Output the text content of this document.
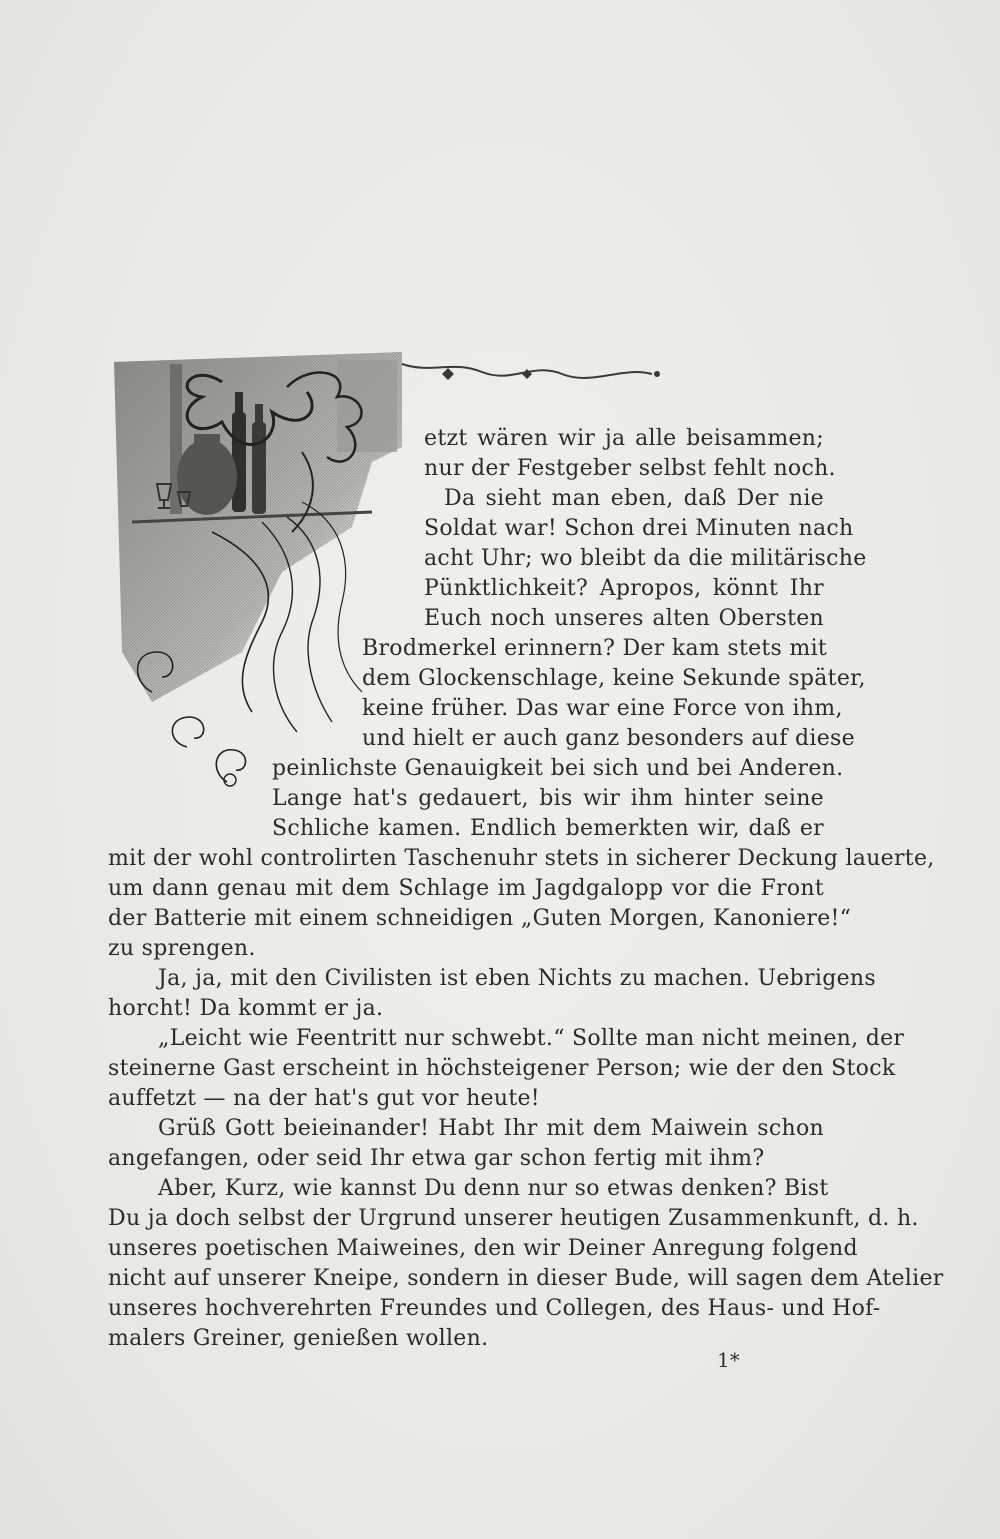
etzt wären wir ja alle beisammen;
nur der Festgeber selbst fehlt noch.
Da sieht man eben, daß Der nie
Soldat war! Schon drei Minuten nach
acht Uhr; wo bleibt da die militärische
Pünktlichkeit? Apropos, könnt Ihr
Euch noch unseres alten Obersten
Brodmerkel erinnern? Der kam stets mit
dem Glockenschlage, keine Sekunde später,
keine früher. Das war eine Force von ihm,
und hielt er auch ganz besonders auf diese
peinlichste Genauigkeit bei sich und bei Anderen.
Lange hat's gedauert, bis wir ihm hinter seine
Schliche kamen. Endlich bemerkten wir, daß er
mit der wohl controlirten Taschenuhr stets in sicherer Deckung lauerte,
um dann genau mit dem Schlage im Jagdgalopp vor die Front
der Batterie mit einem schneidigen „Guten Morgen, Kanoniere!“
zu sprengen.
Ja, ja, mit den Civilisten ist eben Nichts zu machen. Uebrigens
horcht! Da kommt er ja.
„Leicht wie Feentritt nur schwebt.“ Sollte man nicht meinen, der
steinerne Gast erscheint in höchsteigener Person; wie der den Stock
auffetzt — na der hat's gut vor heute!
Grüß Gott beieinander! Habt Ihr mit dem Maiwein schon
angefangen, oder seid Ihr etwa gar schon fertig mit ihm?
Aber, Kurz, wie kannst Du denn nur so etwas denken? Bist
Du ja doch selbst der Urgrund unserer heutigen Zusammenkunft, d. h.
unseres poetischen Maiweines, den wir Deiner Anregung folgend
nicht auf unserer Kneipe, sondern in dieser Bude, will sagen dem Atelier
unseres hochverehrten Freundes und Collegen, des Haus- und Hof-
malers Greiner, genießen wollen.
1*
